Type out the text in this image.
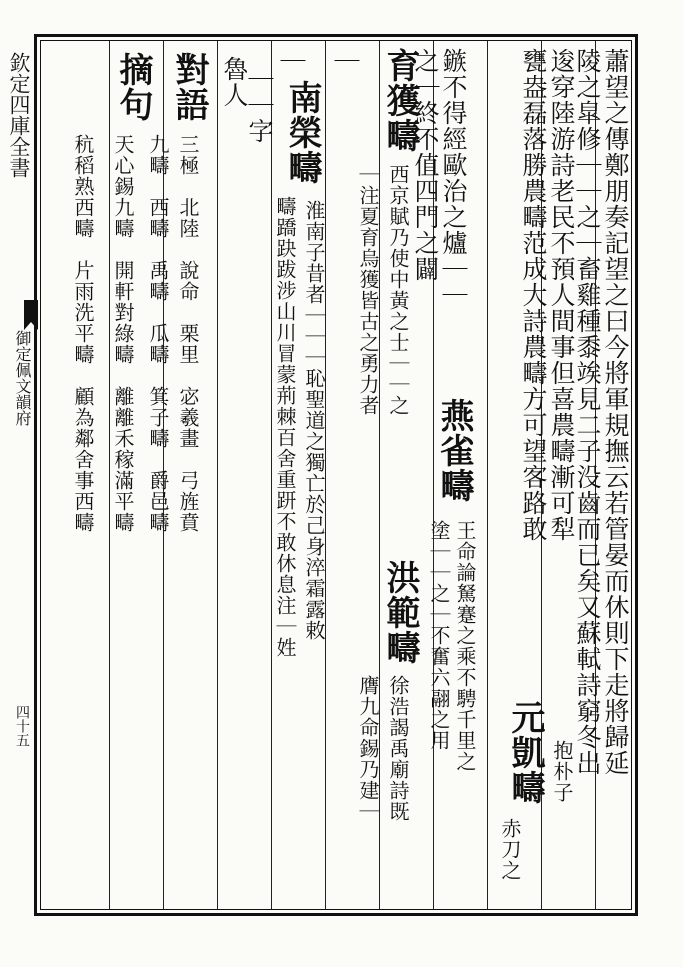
欽定四庫全書
御定佩文韻府
四十五	蕭望之傳鄭朋奏記望之曰今將軍規撫云若管晏而休則下走將歸延
陵之皐修｜｜之｜畜雞種黍竢見二子没齒而已矣又蘇軾詩窮冬出
逡穿陸游詩老民不預人間事但喜農疇漸可犁
元凱疇
赤刀之
甕盎磊落勝農疇范成大詩農疇方可望客路敢
抱朴子
鏃不得經歐治之爐｜｜
燕雀疇
王命論駑蹇之乘不騁千里之
之｜終不值四門之闢
塗｜｜之｜不奮六翮之用
育獲疇
西京賦乃使中黃之士｜｜之
洪範疇
徐浩謁禹廟詩既
｜注夏育烏獲皆古之勇力者
膺九命錫乃建｜
｜
南榮疇
淮南子昔者｜｜｜恥聖道之獨亡於己身淬霜露敕
｜
疇蹻趹跋涉山川冒蒙荊棘百舍重趼不敢休息注｜姓
｜｜字
魯人
對語
三極　北陸　說命　栗里　宓羲畫　弓旌賁
九疇　西疇　禹疇　瓜疇　箕子疇　爵邑疇
摘句
天心錫九疇　開軒對綠疇　離離禾稼滿平疇
秔稻熟西疇　片雨洗平疇　顧為鄰舍事西疇
